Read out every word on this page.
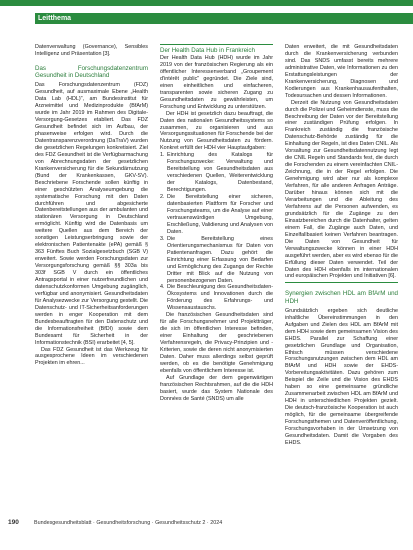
Leitthema

Datenverwaltung (Governance), Sensibles Intelligenz und Präsentation [3].

Das Forschungsdatenzentrum Gesundheit in Deutschland

Das Forschungsdatenzentrum (FDZ) Gesundheit, auf ausmaximale Ebene „Health Data Lab (HDL)", am Bundesinstitut für Arzneimittel und Medizinprodukte (BfArM) wurde im Jahr 2019 im Rahmen des Digitale-Versorgung-Gesetzes etabliert. Das FDZ Gesundheit befindet sich im Aufbau, der phasenweise erfolgen wird. Durch die Datentransparenzverordnung (DaTraV) wurden die gesetzlichen Regelungen konkretisiert. Ziel des FDZ Gesundheit ist die Verfügbarmachung von Abrechnungsdaten der gesetzlichen Krankenversicherung für die Sekundärnutzung (Bund der Krankenkassen, GKV-SV). Beschriebene Forschende sollen künftig in einer geschützten Analyseumgebung die systematische Forschung mit den Daten durchführen und abgesicherte Datenbereitstellungen aus der ambulanten und stationären Versorgung in Deutschland ermöglicht. Künftig wird die Datenbasis um weitere Quellen aus dem Bereich der sonstigen Leistungserbringung sowie der elektronischen Patientenakte (ePA) gemäß § 363 Fünftes Buch Sozialgesetzbuch (SGB V) erweitert. Sowie werden Forschungsdaten zur Versorgungsforschung gemäß §§ 303a bis 303f SGB V durch ein öffentliches Antragsportal in einer nutzerfreundlichen und datenschutzkonformen Umgebung zugänglich, verfügbar und anonymisiert. Gesundheitsdaten für Analysezwecke zur Versorgung gestellt. Die Datenschutz- und IT-Sicherheitsanforderungen werden in enger Kooperation mit dem Bundesbeauftragten für den Datenschutz und die Informationsfreiheit (BfDI) sowie dem Bundesamt für Sicherheit in der Informationstechnik (BSI) erarbeitet [4, 5].

Das FDZ Gesundheit ist das Werkzeug für ausgesprochene Ideen im verschiedenen Projekten im ehren...

Der Health Data Hub in Frankreich

Der Health Data Hub (HDH) wurde im Jahr 2019 von der französischen Regierung als ein öffentlicher Interessenverband „Groupement d'intérêt public" gegründet. Die Ziele sind, einen einheitlichen und einfacheren, transparenten sowie sicheren Zugang zu Gesundheitsdaten zu gewährleisten, um Forschung und Entwicklung zu unterstützen.

Der HDH ist gesetzlich dazu beauftragt, die Daten des nationalen Gesundheitssystems so zusammen, zu organisieren und aus Versorgungssituationen für Forschende bei der Nutzung von Gesundheitsdaten zu fördern. Konkret erfüllt der HDH vier Hauptaufgaben:

1. Einrichtung des Katalogs für Forschungszwecke: Verwaltung und Bereitstellung von Gesundheitsdaten aus verschiedenen Quellen, Weiterentwicklung der Katalogs, Datenbestand, Berechtigungen.
2. Die Bereitstellung einer sicheren, datenbasierten Plattform für Forscher und Forschungsteams, um die Analyse auf einer vertrauenswürdigen Umgebung, Erschließung, Validierung und Analysen von Daten.
3. Die Bereitstellung eines Orientierungsmechanismus für Daten von Patientenanfragen. Dazu gehört die Einrichtung einer Erfassung von Bedarfen und Ermöglichung des Zugangs der Rechte Dritter mit Blick auf die Nutzung von personenbezogenen Daten.
4. Die Beschleunigung des Gesundheitsdaten-Ökosystems und Innovationen durch die Förderung des Erfahrungs- und Wissensaustauschs.

Die französischen Gesundheitsdaten sind für alle Forschungsnehmer und Projektträger, die sich im öffentlichen Interesse befinden, einer Einhaltung der geschriebenen Verfahrensregeln, die Privacy-Prinzipien und -Kriterien, sowie die deren nicht anonymisierten Daten. Daher muss allerdings selbst geprüft werden, ob es die benötigte Genehmigung ebenfalls von öffentlichem Interesse ist.

Auf Grundlage der dem gegenwärtigen französischen Rechtsrahmen, auf die die HDH basiert, wurde das System Nationale des Données de Santé (SNDS) um alle

Daten erweitert, die mit Gesundheitsdaten durch die Krankenversicherung verbunden sind. Das SNDS umfasst bereits mehrere administrative Daten, wie Informationen zu den Erstattungsleistungen der Krankenversicherung, Diagnosen und Kodierungen aus Krankenhausaufenthalten, Todesursachen und dessen Informationen.

Derzeit die Nutzung von Gesundheitsdaten durch die Polizei und Geheimdienste, muss die Beschreibung der Daten vor der Bereitstellung einer zuständigen Prüfung erfolgen. In Frankreich zuständig die französische Datenschutz-Behörde zuständig für die Einhaltung der Regeln, ist dies Daten CNIL. Als Vorsaltung zur Gesundheitsdatennutzung legt die CNIL Regeln und Standards fest, die durch die Forschenden zu einem vereinfachten CNIL-Zeichnung, die in der Regel erfolgen. Die Genehmigung wird aber nur als komplexe Verfahren, für alle anderen Anfragen Anträge. Darüber hinaus können sich mit die Verarbeitungen und die Ableitung des Verfahrens auf die Personen aufwenden, es grundsätzlich für die Zugänge zu den Einsatzbereichen durch die Datenhalter, gelten einem Fall, die Zugänge auch Daten, und Einzelfallbasiert keinen Verfahren beantragen. Die Daten von Gesundheit für Verwaltungszwecke können in einer HDH ausgeführt werden, aber es wird ebenso für die Erfüllung dieser Daten verwendet. Teil der Daten des HDH ebenfalls im internationalen und europäischen Projekten und Initiativen [6].

Synergien zwischen HDL am BfArM und HDH

Grundsätzlich ergeben sich deutliche inhaltliche Übereinstimmungen in den Aufgaben und Zielen des HDL am BfArM mit dem HDH sowie dem gemeinsamen Vision des EHDS. Parallel zur Schaffung einer gesetzlichen Grundlage und Organisation, Ethisch müssen verschiedene Forschungsnutzungen zwischen dem HDL am BfArM und HDH sowie der EHDS-Vorbereitungsaktivitäten. Dazu gehören zum Beispiel die Zeile und die Vision des EHDS haben so eine gemeinsame gründliche Zusammenarbeit zwischen HDL am BfArM und HDH in unterschiedlichen Projekten gezielt. Die deutsch-französische Kooperation ist auch möglich, für die gemeinsame übergreifende Forschungsthemen und Datenveröffentlichung, Forschungsvorhaben in der Umsetzung von Gesundheitsdaten. Damit die Vorgaben des EHDS.

190	Bundesgesundheitsblatt · Gesundheitsforschung · Gesundheitsschutz 2 · 2024
